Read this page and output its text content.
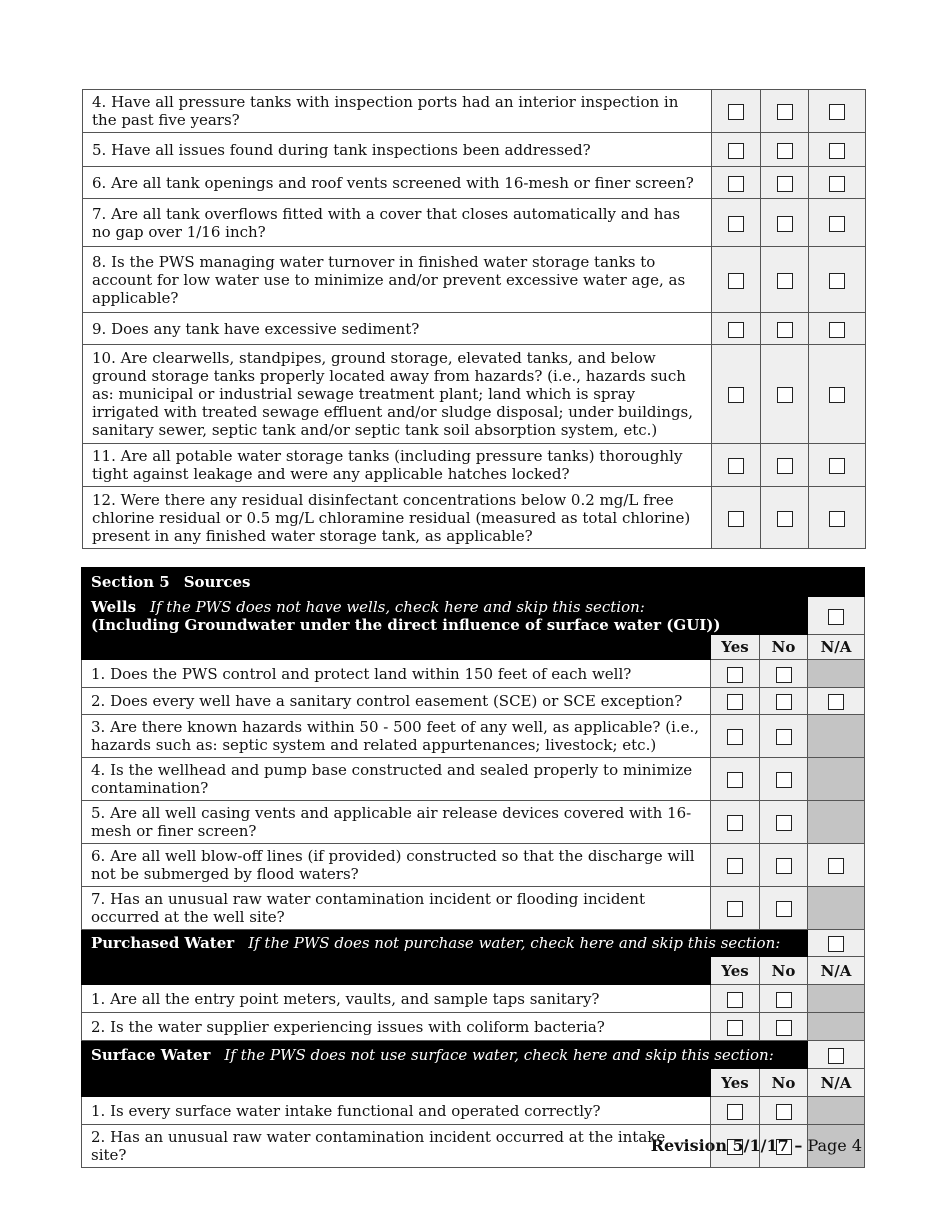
4. Have all pressure tanks with inspection ports had an interior inspection in the past five years?			
5. Have all issues found during tank inspections been addressed?			
6. Are all tank openings and roof vents screened with 16-mesh or finer screen?			
7. Are all tank overflows fitted with a cover that closes automatically and has no gap over 1/16 inch?			
8. Is the PWS managing water turnover in finished water storage tanks to account for low water use to minimize and/or prevent excessive water age, as applicable?			
9. Does any tank have excessive sediment?			
10. Are clearwells, standpipes, ground storage, elevated tanks, and below ground storage tanks properly located away from hazards? (i.e., hazards such as: municipal or industrial sewage treatment plant; land which is spray irrigated with treated sewage effluent and/or sludge disposal; under buildings, sanitary sewer, septic tank and/or septic tank soil absorption system, etc.)			
11. Are all potable water storage tanks (including pressure tanks) thoroughly tight against leakage and were any applicable hatches locked?			
12. Were there any residual disinfectant concentrations below 0.2 mg/L free chlorine residual or 0.5 mg/L chloramine residual (measured as total chlorine) present in any finished water storage tank, as applicable?			
Section 5 Sources			
Wells If the PWS does not have wells, check here and skip this section:
(Including Groundwater under the direct influence of surface water (GUI))			
	Yes	No	N/A
1. Does the PWS control and protect land within 150 feet of each well?			
2. Does every well have a sanitary control easement (SCE) or SCE exception?			
3. Are there known hazards within 50 - 500 feet of any well, as applicable? (i.e., hazards such as: septic system and related appurtenances; livestock; etc.)			
4. Is the wellhead and pump base constructed and sealed properly to minimize contamination?			
5. Are all well casing vents and applicable air release devices covered with 16-mesh or finer screen?			
6. Are all well blow-off lines (if provided) constructed so that the discharge will not be submerged by flood waters?			
7. Has an unusual raw water contamination incident or flooding incident occurred at the well site?			
Purchased Water If the PWS does not purchase water, check here and skip this section:			
	Yes	No	N/A
1. Are all the entry point meters, vaults, and sample taps sanitary?			
2. Is the water supplier experiencing issues with coliform bacteria?			
Surface Water If the PWS does not use surface water, check here and skip this section:			
	Yes	No	N/A
1. Is every surface water intake functional and operated correctly?			
2. Has an unusual raw water contamination incident occurred at the intake site?				Revision 5/1/17 – Page 4
